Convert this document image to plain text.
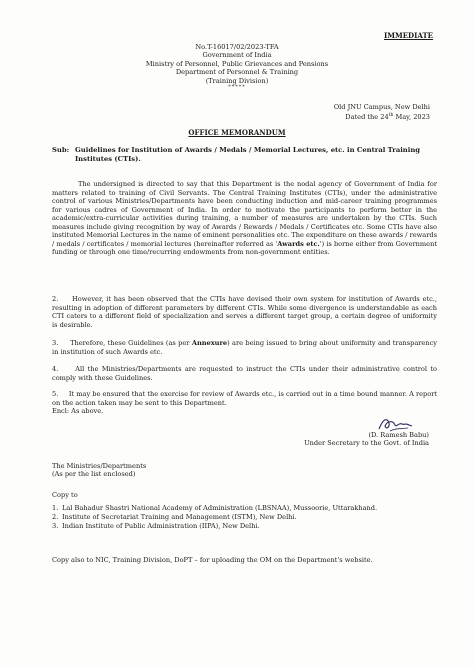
IMMEDIATE
No.T-16017/02/2023-TFA
Government of India
Ministry of Personnel, Public Grievances and Pensions
Department of Personnel & Training
(Training Division)
*****
Old JNU Campus, New Delhi
Dated the 24th May, 2023
OFFICE MEMORANDUM
Sub: Guidelines for Institution of Awards / Medals / Memorial Lectures, etc. in Central Training Institutes (CTIs).
The undersigned is directed to say that this Department is the nodal agency of Government of India for matters related to training of Civil Servants. The Central Training Institutes (CTIs), under the administrative control of various Ministries/Departments have been conducting induction and mid-career training programmes for various cadres of Government of India. In order to motivate the participants to perform better in the academic/extra-curricular activities during training, a number of measures are undertaken by the CTIs. Such measures include giving recognition by way of Awards / Rewards / Medals / Certificates etc. Some CTIs have also instituted Memorial Lectures in the name of eminent personalities etc. The expenditure on these awards / rewards / medals / certificates / memorial lectures (hereinafter referred as 'Awards etc.') is borne either from Government funding or through one time/recurring endowments from non-government entities.
2. However, it has been observed that the CTIs have devised their own system for institution of Awards etc., resulting in adoption of different parameters by different CTIs. While some divergence is understandable as each CTI caters to a different field of specialization and serves a different target group, a certain degree of uniformity is desirable.
3. Therefore, these Guidelines (as per Annexure) are being issued to bring about uniformity and transparency in institution of such Awards etc.
4.	All the Ministries/Departments are requested to instruct the CTIs under their administrative control to comply with these Guidelines.
5. It may be ensured that the exercise for review of Awards etc., is carried out in a time bound manner. A report on the action taken may be sent to this Department.
Encl: As above.
(D. Ramesh Babu)
Under Secretary to the Govt. of India
The Ministries/Departments
(As per the list enclosed)
Copy to
1. Lal Bahadur Shastri National Academy of Administration (LBSNAA), Mussoorie, Uttarakhand.
2. Institute of Secretariat Training and Management (ISTM), New Delhi.
3. Indian Institute of Public Administration (IIPA), New Delhi.
Copy also to NIC, Training Division, DoPT – for uploading the OM on the Department's website.
